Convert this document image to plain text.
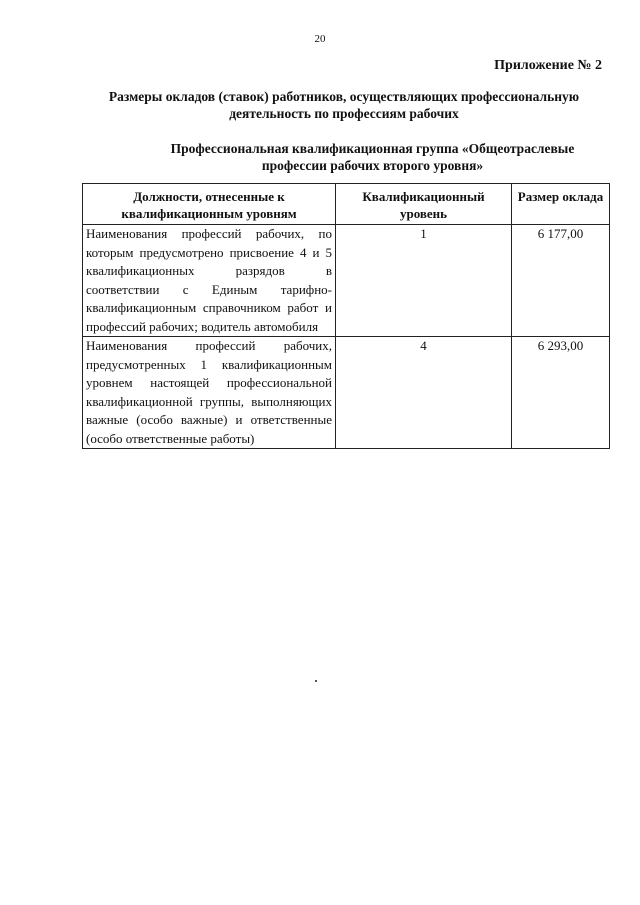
20
Приложение № 2
Размеры окладов (ставок) работников, осуществляющих профессиональную деятельность по профессиям рабочих
Профессиональная квалификационная группа «Общеотраслевые профессии рабочих второго уровня»
Должности, отнесенные к квалификационным уровням	Квалификационный уровень	Размер оклада
Наименования профессий рабочих, по которым предусмотрено присвоение 4 и 5 квалификационных разрядов в соответствии с Единым тарифно-квалификационным справочником работ и профессий рабочих; водитель автомобиля	1	6 177,00
Наименования профессий рабочих, предусмотренных 1 квалификационным уровнем настоящей профессиональной квалификационной группы, выполняющих важные (особо важные) и ответственные (особо ответственные работы)	4	6 293,00
